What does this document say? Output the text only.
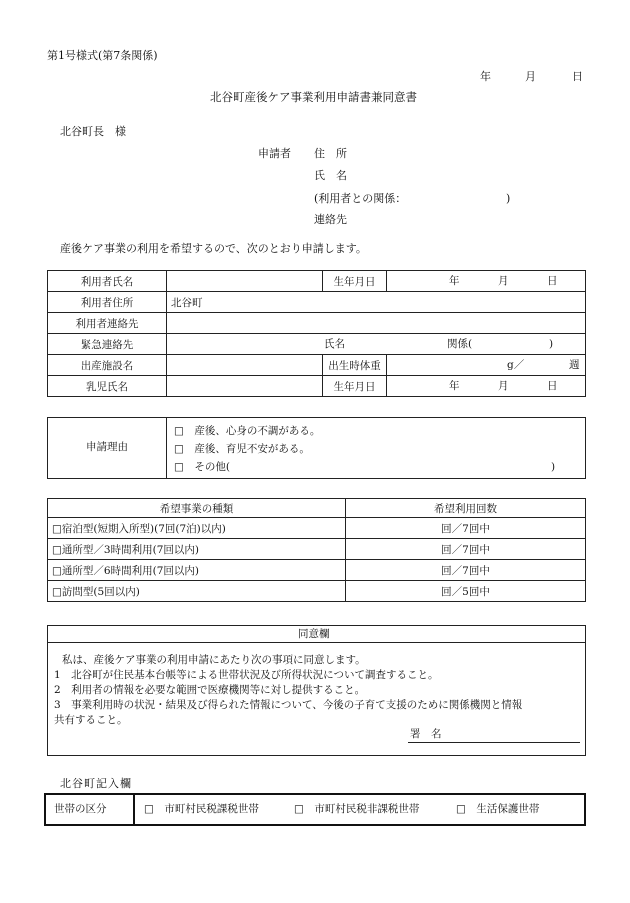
第1号様式(第7条関係)
年	月	日
北谷町産後ケア事業利用申請書兼同意書
北谷町長　様
申請者 住　所
氏　名
(利用者との関係：	)
連絡先
産後ケア事業の利用を希望するので、次のとおり申請します。
利用者氏名		生年月日	年 月 日

利用者住所	北谷町		
利用者連絡先			
緊急連絡先	氏名 関係( )		

出産施設名		出生時体重	g／ 週

乳児氏名		生年月日	年 月 日
申請理由
□　産後、心身の不調がある。
□　産後、育児不安がある。
□　その他(	)
希望事業の種類	希望利用回数
□宿泊型(短期入所型)(7回(7泊)以内)	回／7回中
□通所型／3時間利用(7回以内)	回／7回中
□通所型／6時間利用(7回以内)	回／7回中
□訪問型(5回以内)	回／5回中
同意欄
私は、産後ケア事業の利用申請にあたり次の事項に同意します。
1　北谷町が住民基本台帳等による世帯状況及び所得状況について調査すること。
2　利用者の情報を必要な範囲で医療機関等に対し提供すること。
3　事業利用時の状況・結果及び得られた情報について、今後の子育て支援のために関係機関と情報
共有すること。
署　名
北谷町記入欄
世帯の区分	□　市町村民税課税世帯	□　市町村民税非課税世帯	□　生活保護世帯
